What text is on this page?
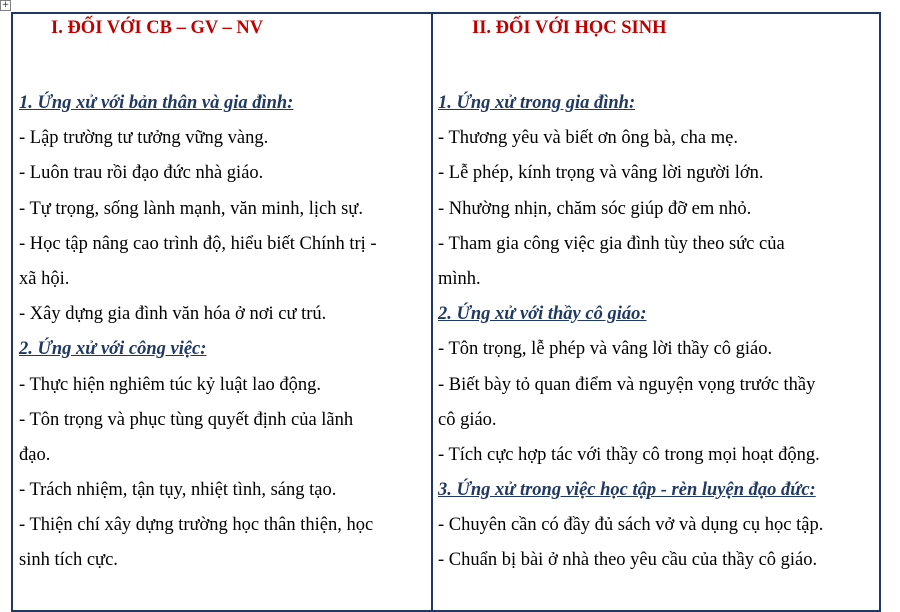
+
I. ĐỐI VỚI CB – GV – NV
1. Ứng xử với bản thân và gia đình:
- Lập trường tư tưởng vững vàng.
- Luôn trau rồi đạo đức nhà giáo.
- Tự trọng, sống lành mạnh, văn minh, lịch sự.
- Học tập nâng cao trình độ, hiểu biết Chính trị -
xã hội.
- Xây dựng gia đình văn hóa ở nơi cư trú.
2. Ứng xử với công việc:
- Thực hiện nghiêm túc kỷ luật lao động.
- Tôn trọng và phục tùng quyết định của lãnh
đạo.
- Trách nhiệm, tận tụy, nhiệt tình, sáng tạo.
- Thiện chí xây dựng trường học thân thiện, học
sinh tích cực.
II. ĐỐI VỚI HỌC SINH
1. Ứng xử trong gia đình:
- Thương yêu và biết ơn ông bà, cha mẹ.
- Lễ phép, kính trọng và vâng lời người lớn.
- Nhường nhịn, chăm sóc giúp đỡ em nhỏ.
- Tham gia công việc gia đình tùy theo sức của
mình.
2. Ứng xử với thầy cô giáo:
- Tôn trọng, lễ phép và vâng lời thầy cô giáo.
- Biết bày tỏ quan điểm và nguyện vọng trước thầy
cô giáo.
- Tích cực hợp tác với thầy cô trong mọi hoạt động.
3. Ứng xử trong việc học tập - rèn luyện đạo đức:
- Chuyên cần có đầy đủ sách vở và dụng cụ học tập.
- Chuẩn bị bài ở nhà theo yêu cầu của thầy cô giáo.
